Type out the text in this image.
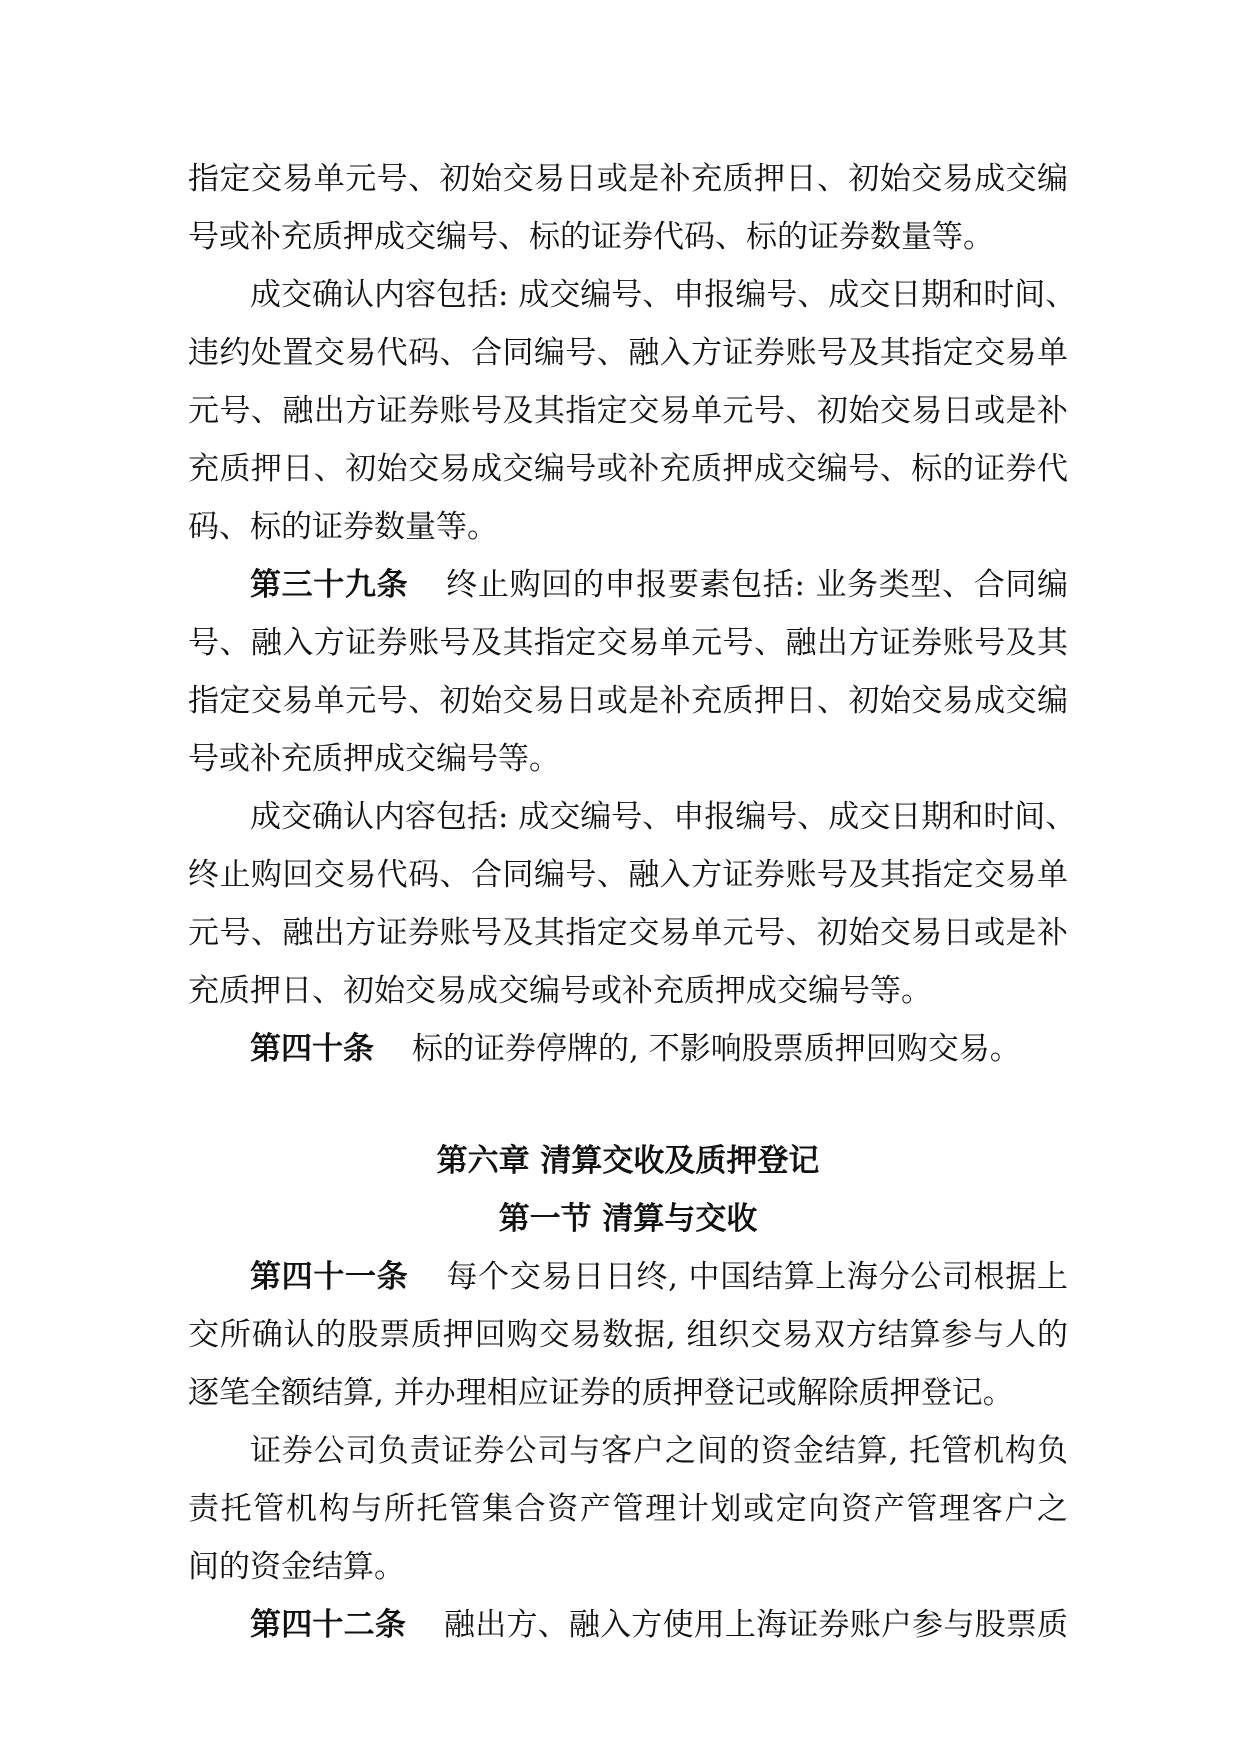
指定交易单元号、初始交易日或是补充质押日、初始交易成交编
号或补充质押成交编号、标的证券代码、标的证券数量等。
成交确认内容包括: 成交编号、申报编号、成交日期和时间、
违约处置交易代码、合同编号、融入方证券账号及其指定交易单
元号、融出方证券账号及其指定交易单元号、初始交易日或是补
充质押日、初始交易成交编号或补充质押成交编号、标的证券代
码、标的证券数量等。
第三十九条 终止购回的申报要素包括: 业务类型、合同编
号、融入方证券账号及其指定交易单元号、融出方证券账号及其
指定交易单元号、初始交易日或是补充质押日、初始交易成交编
号或补充质押成交编号等。
成交确认内容包括: 成交编号、申报编号、成交日期和时间、
终止购回交易代码、合同编号、融入方证券账号及其指定交易单
元号、融出方证券账号及其指定交易单元号、初始交易日或是补
充质押日、初始交易成交编号或补充质押成交编号等。
第四十条 标的证券停牌的, 不影响股票质押回购交易。
第六章 清算交收及质押登记
第一节 清算与交收
第四十一条 每个交易日日终, 中国结算上海分公司根据上
交所确认的股票质押回购交易数据, 组织交易双方结算参与人的
逐笔全额结算, 并办理相应证券的质押登记或解除质押登记。
证券公司负责证券公司与客户之间的资金结算, 托管机构负
责托管机构与所托管集合资产管理计划或定向资产管理客户之
间的资金结算。
第四十二条 融出方、融入方使用上海证券账户参与股票质
